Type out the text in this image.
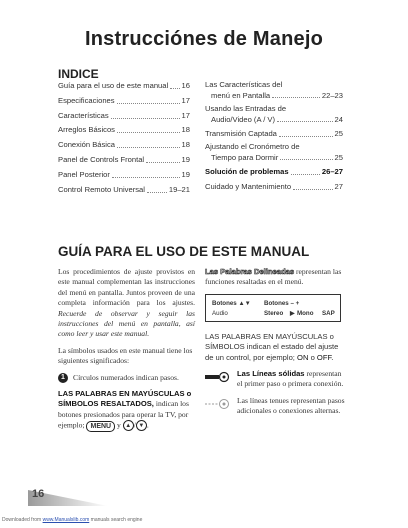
Instrucciónes de Manejo
INDICE
Guía para el uso de este manual 16
Especificaciones	17
Características	17
Arreglos Básicos	18
Conexión Básica	18
Panel de Controls Frontal	19
Panel Posterior	19
Control Remoto Universal	19–21
Las Características del
menú en Pantalla	22–23
Usando las Entradas de
Audio/Video (A / V)	24
Transmisión Captada	25
Ajustando el Cronómetro de
Tiempo para Dormir	25
Solución de problemas	26–27
Cuidado y Mantenimiento	27
GUÍA PARA EL USO DE ESTE MANUAL

Los procedimientos de ajuste provistos en este manual complementan las instrucciones del menú en pantalla. Juntos proveen de una completa información para los ajustes. Recuerde de observar y seguir las instrucciones del menú en pantalla, así como leer y usar este manual.

La símbolos usados en este manual tiene los siguientes significados:

1	Círculos numerados indican pasos.

LAS PALABRAS EN MAYÚSCULAS o SÍMBOLOS RESALTADOS, indican los botones presionados para operar la TV, por ejemplo; MENU y ▲ / ▼ .

Las Palabras Delineadas representan las funciones resaltadas en el menú.

Botones ▲▼ Botones – +
Audio	Stereo ▶ Mono SAP

LAS PALABRAS EN MAYÚSCULAS o SÍMBOLOS indican el estado del ajuste de un control, por ejemplo; ON o OFF.

Las Líneas sólidas representan el primer paso o primera conexión.
Las líneas tenues representan pasos adicionales o conexiones alternas.
16
Downloaded from www.Manualslib.com manuals search engine
